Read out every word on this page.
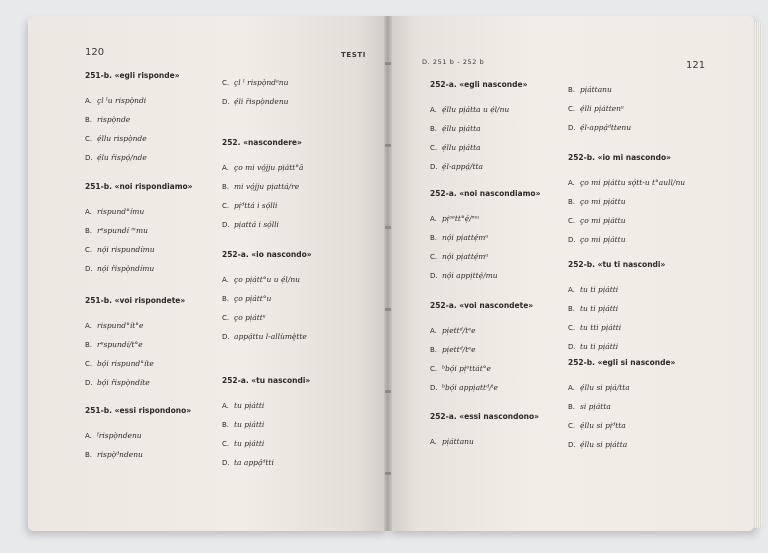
120	TESTI
251-b. «egli risponde»
A. ç̣l ˡu rispọ̀ndi
B. rispọ̀nde
C. ẹ́llu rispọ̀nde
D. ẹ́lu řispọ́/nde
251-b. «noi rispondiamo»
A. rispund°ímu
B. rᵉspundí ᵐmu
C. nọ́i rispundímu
D. nọ́i řispọ̀ndímu
251-b. «voi rispondete»
A. rispund°ít°e
B. rᵉspundí/t°e
C. bọ́i rispund°íte
D. bọ́i řispọ̀ndíte
251-b. «essi rispondono»
A. ᶠrispọ̀ndenu
B. rispọ̀ᵈndenu
C. ç̣l ˡ rispọ̀ndᵃnu
D. ẹ́li řispọ̀ndenu
252. «nascondere»
A. ç̣o mi vọ́jju pịátt°ā
B. mi vọ́jju pịattá/re
C. pịᵈttá i sọ́lli
D. pịattá i sọ́lli
252-a. «io nascondo»
A. ç̣o pịátt°u u ẹ́l/nu
B. ç̣o pịátt°u
C. ç̣o pịáttᵘ
D. appạ́ttu l-allùmę̀tte
252-a. «tu nascondi»
A. tu pịátti
B. tu pịátti
C. tu pịátti
D. ta appạ́ᵈtti
D. 251 b - 252 b	121
252-a. «egli nasconde»
A. ẹ́llu pịátta u ẹ́l/nu
B. ẹ́llu pịátta
C. ẹ́llu pịátta
D. ẹ́l-appạ́/tta
252-a. «noi nascondiamo»
A. pịᵃᵉtt°ẹ́/ᵐᵘ
B. nọ́i pịattẹ́mᵘ
C. nọ́i pịattẹ́mᵘ
D. nọ́i appịttẹ́/mu
252-a. «voi nascondete»
A. pịettᵈ/tᵉe
B. pịettᵈ/tᵉe
C. ᵇbọ́i pịᵉttát°e
D. ᵇbọ́i appịattᵈ/ᵗe
252-a. «essi nascondono»
A. pịáttanu
B. pịáttanu
C. ẹ́lli pịáttenᵘ
D. ẹ́l-appạ́ᵈttenu
252-b. «io mi nascondo»
A. ç̣o mi pịáttu sǫ́tt-u t°aull/nu
B. ç̣o mi pịáttu
C. ç̣o mi pịáttu
D. ç̣o mi pịáttu
252-b. «tu ti nascondi»
A. tu ti pịátti
B. tu ti pịátti
C. tu tti pịátti
D. tu ti pịátti
252-b. «egli si nasconde»
A. ẹ́llu si pịá/tta
B. si pịátta
C. ẹ́llu si pịᵈtta
D. ẹ́llu si pịátta
